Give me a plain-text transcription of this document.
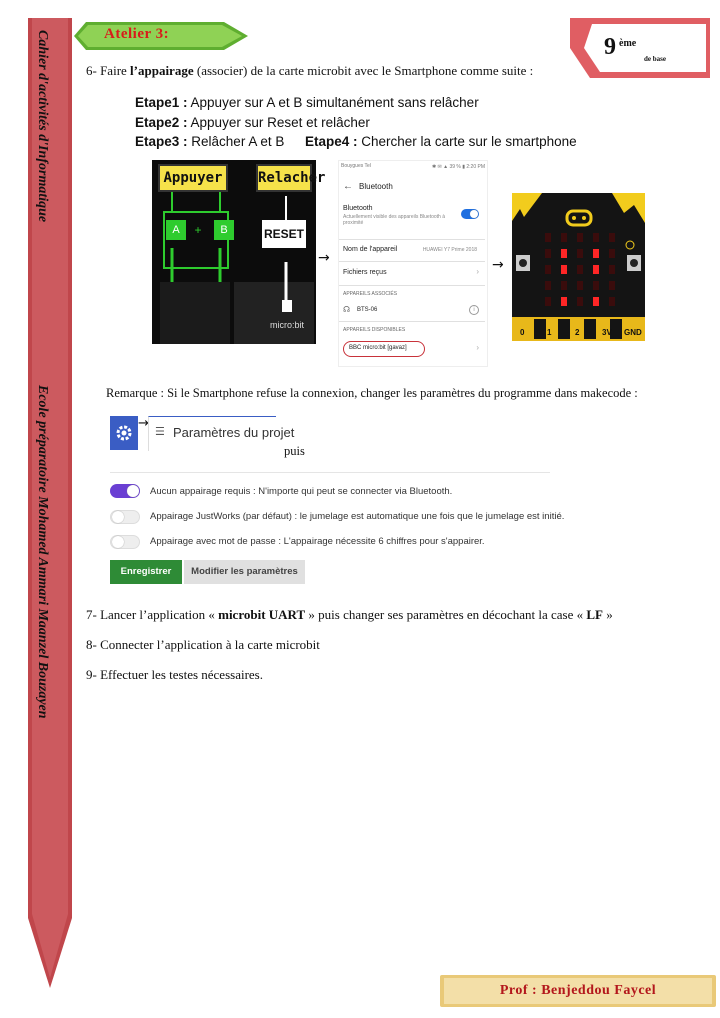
Cahier d'activités d'Informatique
Ecole préparatoire Mohamed Ammari Maanzel Bouzayen
Atelier 3:	9 ème
de base
6- Faire l’appairage (associer) de la carte microbit avec le Smartphone comme suite :
Etape1 : Appuyer sur A et B simultanément sans relâcher
Etape2 : Appuyer sur Reset et relâcher
Etape3 : Relâcher A et B Etape4 : Chercher la carte sur le smartphone
Appuyer	Relacher
A	+	B	RESET
micro:bit
→	→
Bouygues Tel	✱ ✉ ▲ 39 % ▮ 2:20 PM
← Bluetooth
Bluetooth
Actuellement visible des appareils Bluetooth à proximité
Nom de l'appareil	HUAWEI Y7 Prime 2018
Fichiers reçus	›
APPAREILS ASSOCIÉS
☊ BTS-06	i
APPAREILS DISPONIBLES
BBC micro:bit [gavaz]	›
0	1	2	3V GND
Remarque : Si le Smartphone refuse la connexion, changer les paramètres du programme dans makecode :
→
☰ Paramètres du projet
puis
Aucun appairage requis : N'importe qui peut se connecter via Bluetooth.
Appairage JustWorks (par défaut) : le jumelage est automatique une fois que le jumelage est initié.
Appairage avec mot de passe : L'appairage nécessite 6 chiffres pour s'appairer.
Enregistrer	Modifier les paramètres
7- Lancer l’application « microbit UART » puis changer ses paramètres en décochant la case « LF »
8- Connecter l’application à la carte microbit
9- Effectuer les testes nécessaires.
Prof : Benjeddou Faycel
